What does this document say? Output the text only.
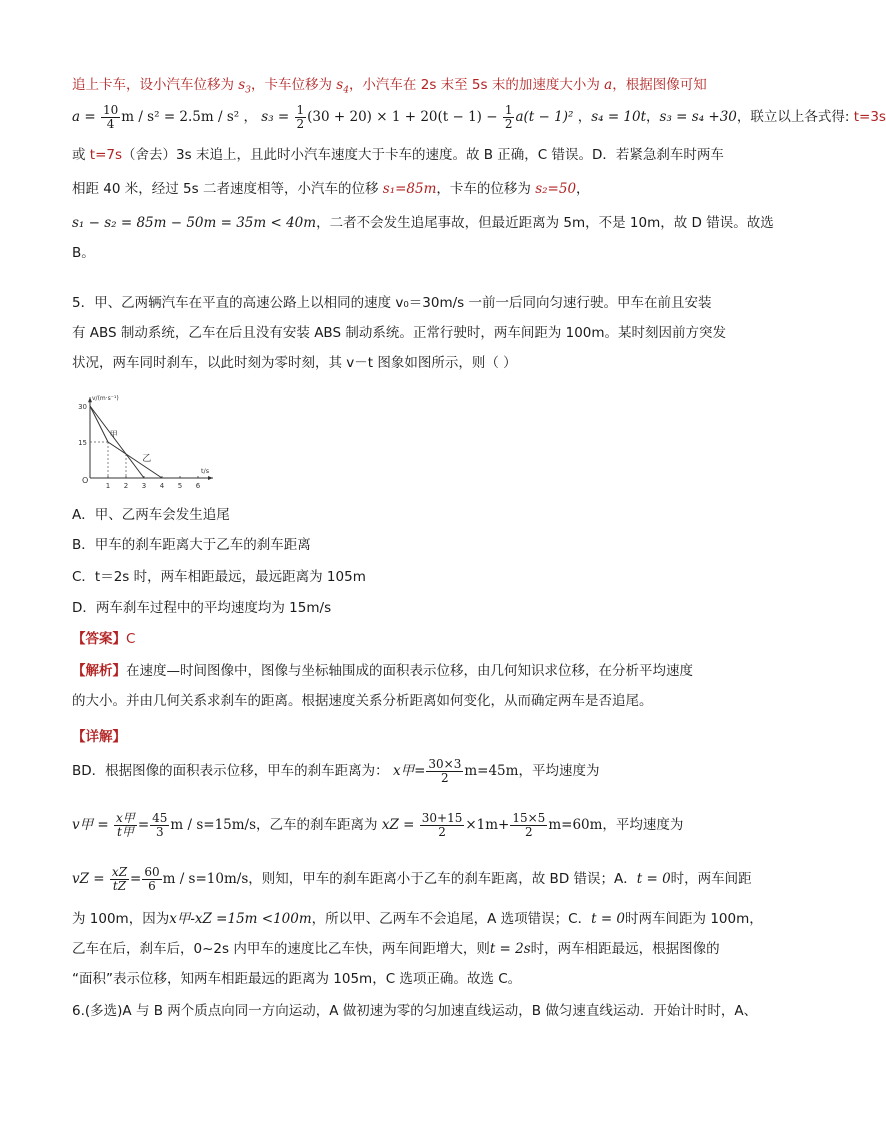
追上卡车，设小汽车位移为 $s_3$，卡车位移为 $s_4$，小汽车在 2s 末至 5s 末的加速度大小为 a，根据图像可知
$a = \frac{10}{4}$ m / s² = 2.5m / s² ， $s_3 = \frac{1}{2} (30 + 20) \times 1 + 20(t - 1) - \frac{1}{2} a(t - 1)^2$ ，s₄ = 10t，s₃ = s₄ +30，联立以上各式得: t=3s
或 t=7s（舍去）3s 末追上，且此时小汽车速度大于卡车的速度。故 B 正确，C 错误。D．若紧急刹车时两车
相距 40 米，经过 5s 二者速度相等，小汽车的位移 s₁=85m，卡车的位移为 s₂=50，
s₁ − s₂ = 85m − 50m = 35m < 40m，二者不会发生追尾事故，但最近距离为 5m，不是 10m，故 D 错误。故选
B。
5．甲、乙两辆汽车在平直的高速公路上以相同的速度 v₀＝30m/s 一前一后同向匀速行驶。甲车在前且安装
有 ABS 制动系统，乙车在后且没有安装 ABS 制动系统。正常行驶时，两车间距为 100m。某时刻因前方突发
状况，两车同时刹车，以此时刻为零时刻，其 v－t 图象如图所示，则（ ）
1 2 3 4 5 6
15
30
甲
乙
v/(m·s⁻¹)
t/s
O
A．甲、乙两车会发生追尾
B．甲车的刹车距离大于乙车的刹车距离
C．t＝2s 时，两车相距最远，最远距离为 105m
D．两车刹车过程中的平均速度均为 15m/s
【答案】C
【解析】在速度—时间图像中，图像与坐标轴围成的面积表示位移，由几何知识求位移，在分析平均速度
的大小。并由几何关系求刹车的距离。根据速度关系分析距离如何变化，从而确定两车是否追尾。
【详解】
BD．根据图像的面积表示位移，甲车的刹车距离为： x甲= $\frac{30\times 3}{2} m=45m$，平均速度为
v甲 = $\frac{\text{x甲}}{\text{t甲}} = \frac{45}{3}$ m / s=15m/s，乙车的刹车距离为 xZ = $\frac{30+15}{2} \times 1m+ \frac{15\times 5}{2} m=60m$，平均速度为
vZ = $\frac{xZ}{tZ} = \frac{60}{6}$ m / s=10m/s，则知，甲车的刹车距离小于乙车的刹车距离，故 BD 错误；A．t = 0时，两车间距
为 100m，因为x甲-xZ =15m <100m，所以甲、乙两车不会追尾，A 选项错误；C．t = 0时两车间距为 100m，
乙车在后，刹车后，0~2s 内甲车的速度比乙车快，两车间距增大，则t = 2s时，两车相距最远，根据图像的
“面积”表示位移，知两车相距最远的距离为 105m，C 选项正确。故选 C。
6.(多选)A 与 B 两个质点向同一方向运动，A 做初速为零的匀加速直线运动，B 做匀速直线运动．开始计时时，A、
